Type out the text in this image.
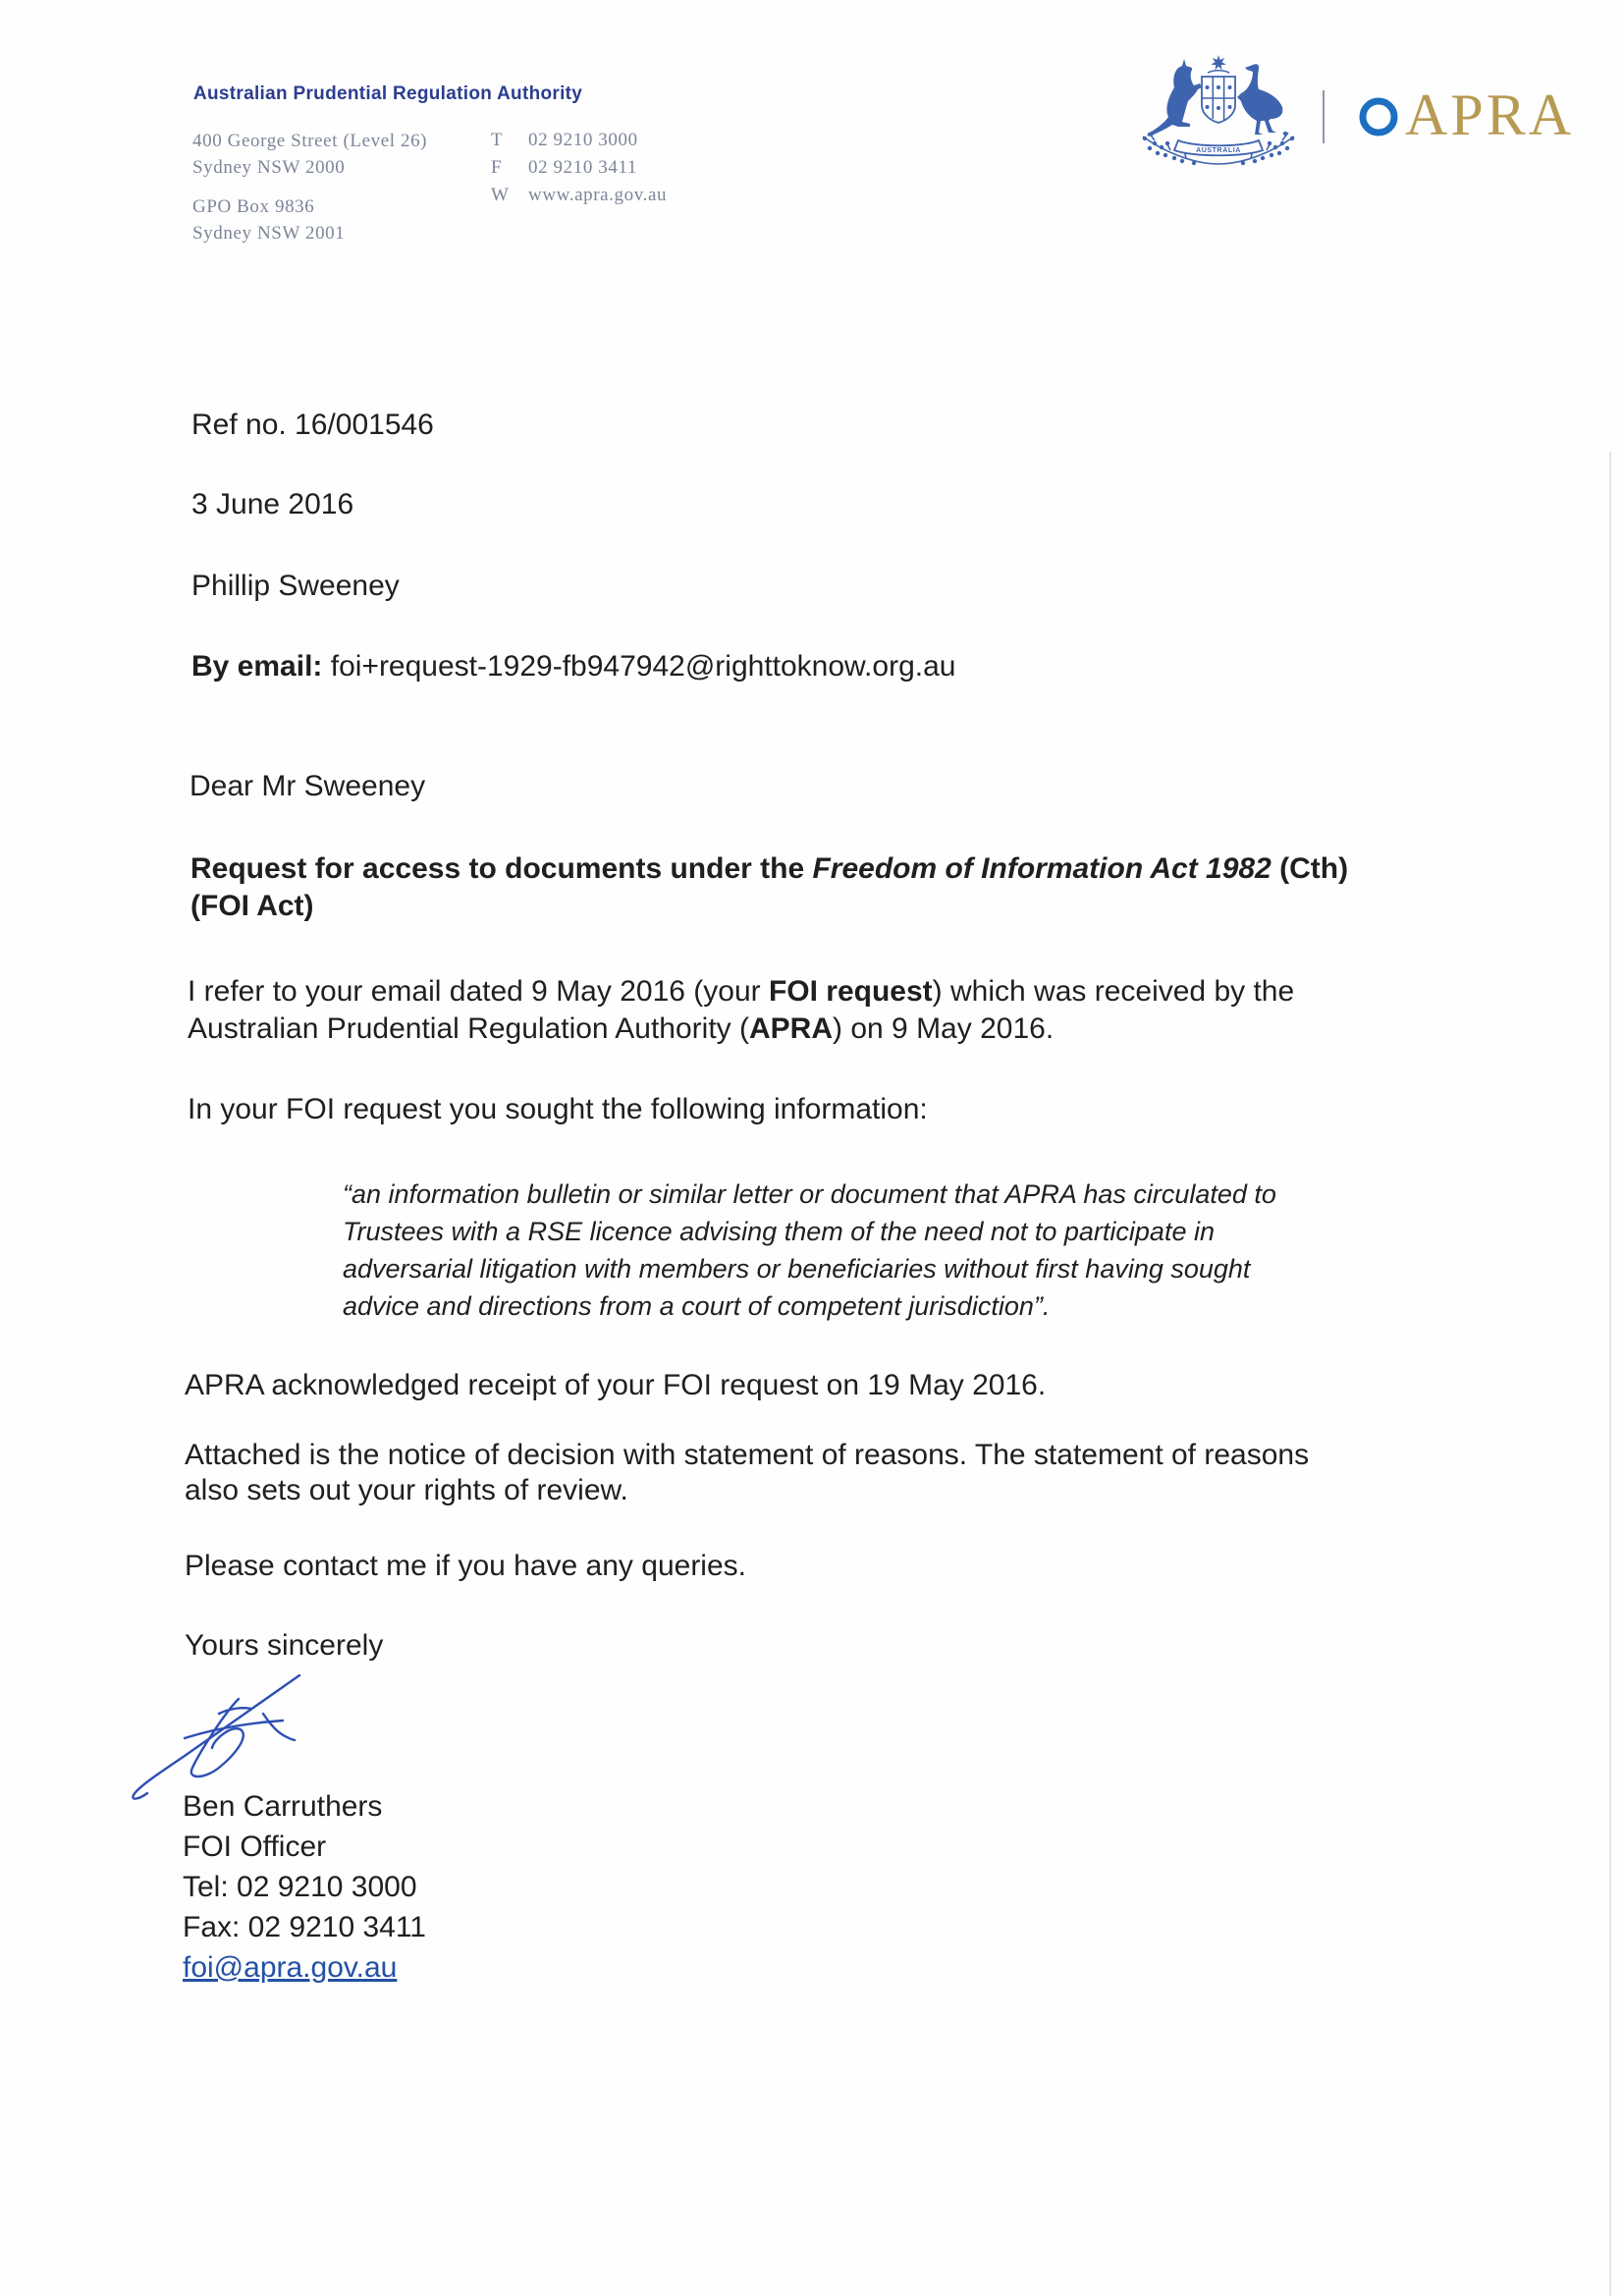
Australian Prudential Regulation Authority
400 George Street (Level 26)
Sydney NSW 2000
GPO Box 9836
Sydney NSW 2001
T	02 9210 3000
F	02 9210 3411
W	www.apra.gov.au
AUSTRALIA
APRA
Ref no. 16/001546
3 June 2016
Phillip Sweeney
By email: foi+request-1929-fb947942@righttoknow.org.au
Dear Mr Sweeney
Request for access to documents under the Freedom of Information Act 1982 (Cth)
(FOI Act)
I refer to your email dated 9 May 2016 (your FOI request) which was received by the
Australian Prudential Regulation Authority (APRA) on 9 May 2016.
In your FOI request you sought the following information:
“an information bulletin or similar letter or document that APRA has circulated to
Trustees with a RSE licence advising them of the need not to participate in
adversarial litigation with members or beneficiaries without first having sought
advice and directions from a court of competent jurisdiction”.
APRA acknowledged receipt of your FOI request on 19 May 2016.
Attached is the notice of decision with statement of reasons. The statement of reasons
also sets out your rights of review.
Please contact me if you have any queries.
Yours sincerely
Ben Carruthers
FOI Officer
Tel: 02 9210 3000
Fax: 02 9210 3411
foi@apra.gov.au
